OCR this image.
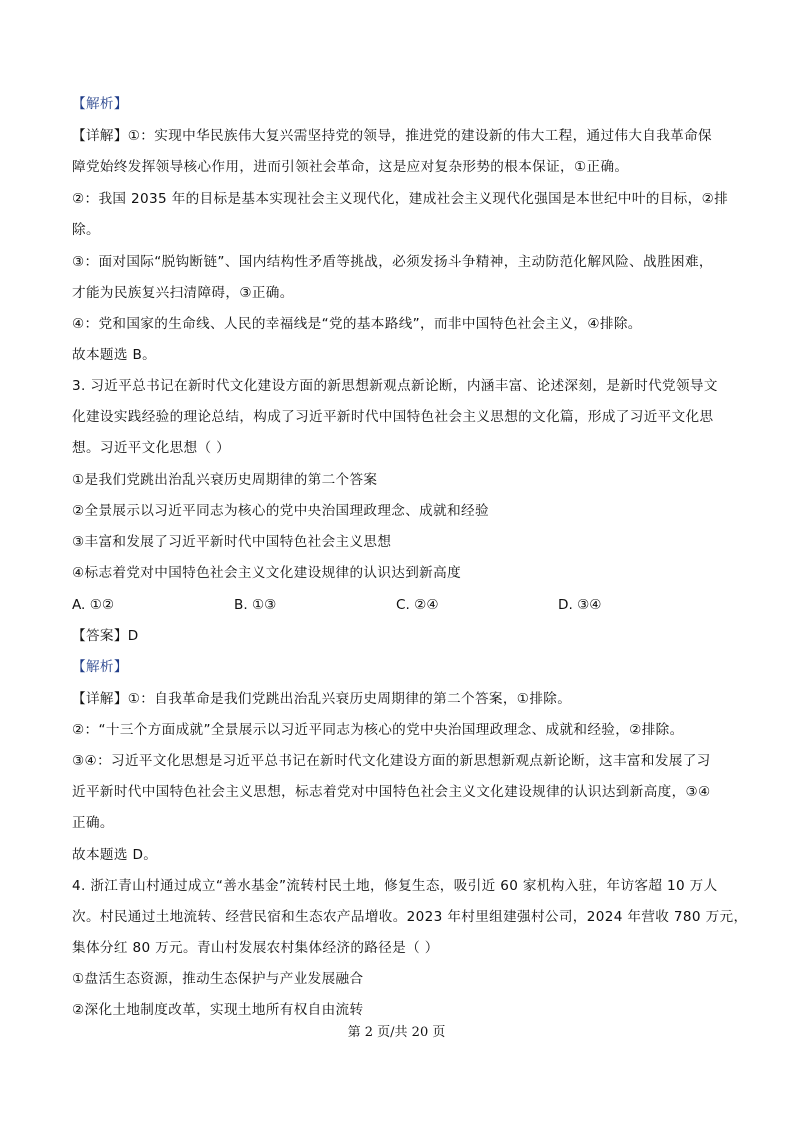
【解析】
【详解】①：实现中华民族伟大复兴需坚持党的领导，推进党的建设新的伟大工程，通过伟大自我革命保
障党始终发挥领导核心作用，进而引领社会革命，这是应对复杂形势的根本保证，①正确。
②：我国 2035 年的目标是基本实现社会主义现代化，建成社会主义现代化强国是本世纪中叶的目标，②排
除。
③：面对国际“脱钩断链”、国内结构性矛盾等挑战，必须发扬斗争精神，主动防范化解风险、战胜困难，
才能为民族复兴扫清障碍，③正确。
④：党和国家的生命线、人民的幸福线是“党的基本路线”，而非中国特色社会主义，④排除。
故本题选 B。
3. 习近平总书记在新时代文化建设方面的新思想新观点新论断，内涵丰富、论述深刻，是新时代党领导文
化建设实践经验的理论总结，构成了习近平新时代中国特色社会主义思想的文化篇，形成了习近平文化思
想。习近平文化思想（ ）
①是我们党跳出治乱兴衰历史周期律的第二个答案
②全景展示以习近平同志为核心的党中央治国理政理念、成就和经验
③丰富和发展了习近平新时代中国特色社会主义思想
④标志着党对中国特色社会主义文化建设规律的认识达到新高度
A. ①②	B. ①③	C. ②④	D. ③④
【答案】D
【解析】
【详解】①：自我革命是我们党跳出治乱兴衰历史周期律的第二个答案，①排除。
②：“十三个方面成就”全景展示以习近平同志为核心的党中央治国理政理念、成就和经验，②排除。
③④：习近平文化思想是习近平总书记在新时代文化建设方面的新思想新观点新论断，这丰富和发展了习
近平新时代中国特色社会主义思想，标志着党对中国特色社会主义文化建设规律的认识达到新高度，③④
正确。
故本题选 D。
4. 浙江青山村通过成立“善水基金”流转村民土地，修复生态，吸引近 60 家机构入驻，年访客超 10 万人
次。村民通过土地流转、经营民宿和生态农产品增收。2023 年村里组建强村公司，2024 年营收 780 万元，
集体分红 80 万元。青山村发展农村集体经济的路径是（ ）
①盘活生态资源，推动生态保护与产业发展融合
②深化土地制度改革，实现土地所有权自由流转
第 2 页/共 20 页
